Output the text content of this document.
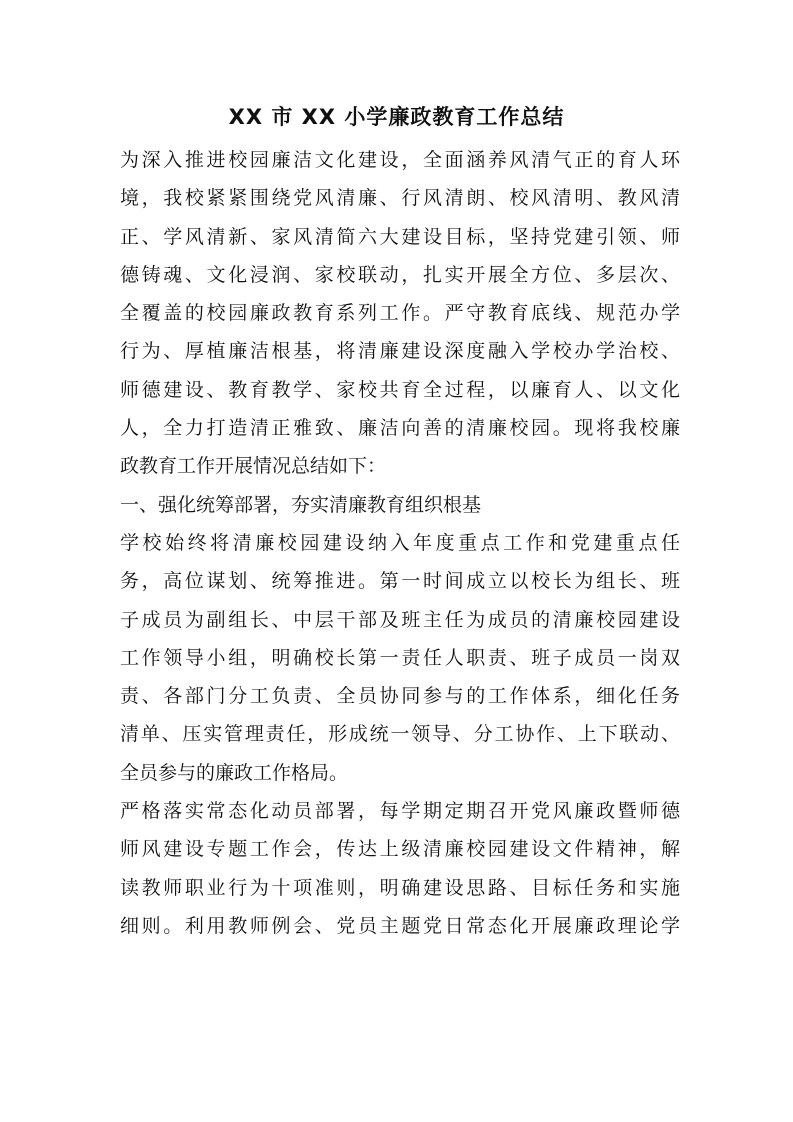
XX 市 XX 小学廉政教育工作总结
为深入推进校园廉洁文化建设，全面涵养风清气正的育人环
境，我校紧紧围绕党风清廉、行风清朗、校风清明、教风清
正、学风清新、家风清简六大建设目标，坚持党建引领、师
德铸魂、文化浸润、家校联动，扎实开展全方位、多层次、
全覆盖的校园廉政教育系列工作。严守教育底线、规范办学
行为、厚植廉洁根基，将清廉建设深度融入学校办学治校、
师德建设、教育教学、家校共育全过程，以廉育人、以文化
人，全力打造清正雅致、廉洁向善的清廉校园。现将我校廉
政教育工作开展情况总结如下：
一、强化统筹部署，夯实清廉教育组织根基
学校始终将清廉校园建设纳入年度重点工作和党建重点任
务，高位谋划、统筹推进。第一时间成立以校长为组长、班
子成员为副组长、中层干部及班主任为成员的清廉校园建设
工作领导小组，明确校长第一责任人职责、班子成员一岗双
责、各部门分工负责、全员协同参与的工作体系，细化任务
清单、压实管理责任，形成统一领导、分工协作、上下联动、
全员参与的廉政工作格局。
严格落实常态化动员部署，每学期定期召开党风廉政暨师德
师风建设专题工作会，传达上级清廉校园建设文件精神，解
读教师职业行为十项准则，明确建设思路、目标任务和实施
细则。利用教师例会、党员主题党日常态化开展廉政理论学
